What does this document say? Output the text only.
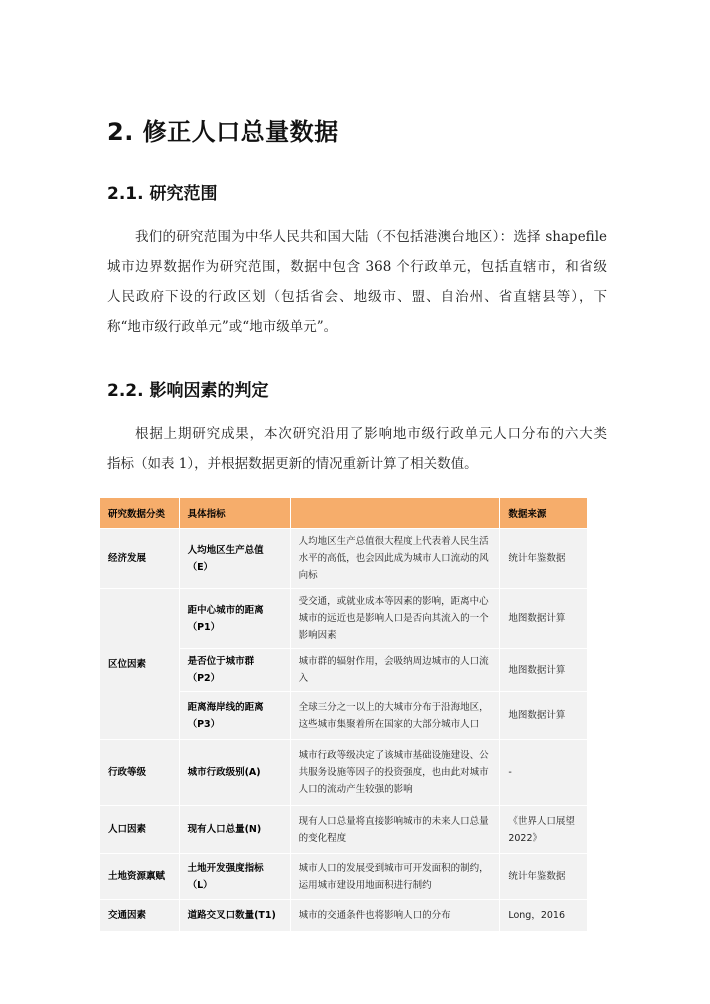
2. 修正人口总量数据
2.1. 研究范围
我们的研究范围为中华人民共和国大陆（不包括港澳台地区）：选择 shapefile
城市边界数据作为研究范围，数据中包含 368 个行政单元，包括直辖市，和省级
人民政府下设的行政区划（包括省会、地级市、盟、自治州、省直辖县等），下
称“地市级行政单元”或“地市级单元”。
2.2. 影响因素的判定
根据上期研究成果，本次研究沿用了影响地市级行政单元人口分布的六大类
指标（如表 1），并根据数据更新的情况重新计算了相关数值。
研究数据分类	具体指标		数据来源
经济发展	人均地区生产总值（E）	人均地区生产总值很大程度上代表着人民生活水平的高低，也会因此成为城市人口流动的风向标	统计年鉴数据
区位因素	距中心城市的距离（P1）	受交通，或就业成本等因素的影响，距离中心城市的远近也是影响人口是否向其流入的一个影响因素	地图数据计算
	是否位于城市群（P2）	城市群的辐射作用，会吸纳周边城市的人口流入	地图数据计算
	距离海岸线的距离（P3）	全球三分之一以上的大城市分布于沿海地区，这些城市集聚着所在国家的大部分城市人口	地图数据计算
行政等级	城市行政级别(A)	城市行政等级决定了该城市基础设施建设、公共服务设施等因子的投资强度，也由此对城市人口的流动产生较强的影响	-
人口因素	现有人口总量(N)	现有人口总量将直接影响城市的未来人口总量的变化程度	《世界人口展望2022》
土地资源禀赋	土地开发强度指标（L）	城市人口的发展受到城市可开发面积的制约，运用城市建设用地面积进行制约	统计年鉴数据
交通因素	道路交叉口数量(T1)	城市的交通条件也将影响人口的分布	Long，2016
